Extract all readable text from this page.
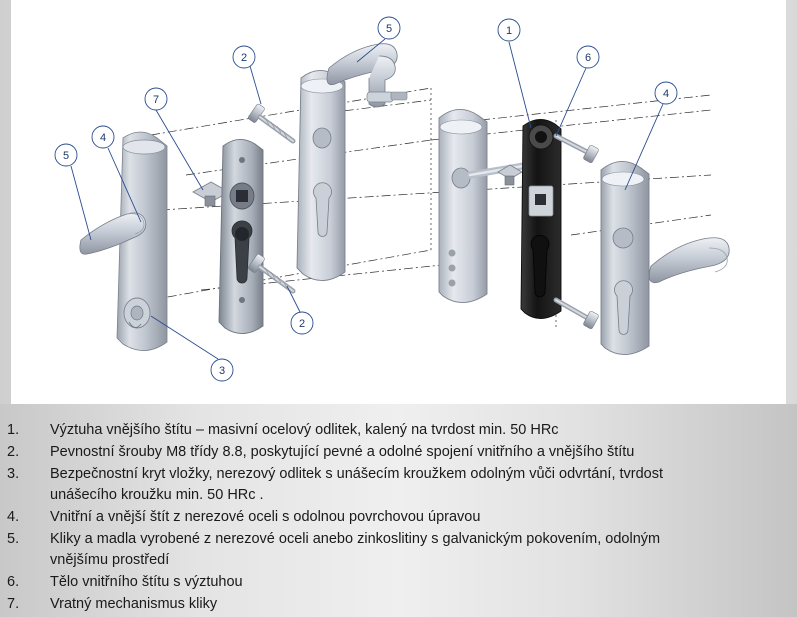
1
2
2
3
4
4
5
5
6
7
1.	Výztuha vnějšího štítu – masivní ocelový odlitek, kalený na tvrdost min. 50 HRc
2.	Pevnostní šrouby M8 třídy 8.8, poskytující pevné a odolné spojení vnitřního a vnějšího štítu
3.	Bezpečnostní kryt vložky, nerezový odlitek s unášecím kroužkem odolným vůči odvrtání, tvrdost
unášecího kroužku min. 50 HRc .
4.	Vnitřní a vnější štít z nerezové oceli s odolnou povrchovou úpravou
5.	Kliky a madla vyrobené z nerezové oceli anebo zinkoslitiny s galvanickým pokovením, odolným
vnějšímu prostředí
6.	Tělo vnitřního štítu s výztuhou
7.	Vratný mechanismus kliky
